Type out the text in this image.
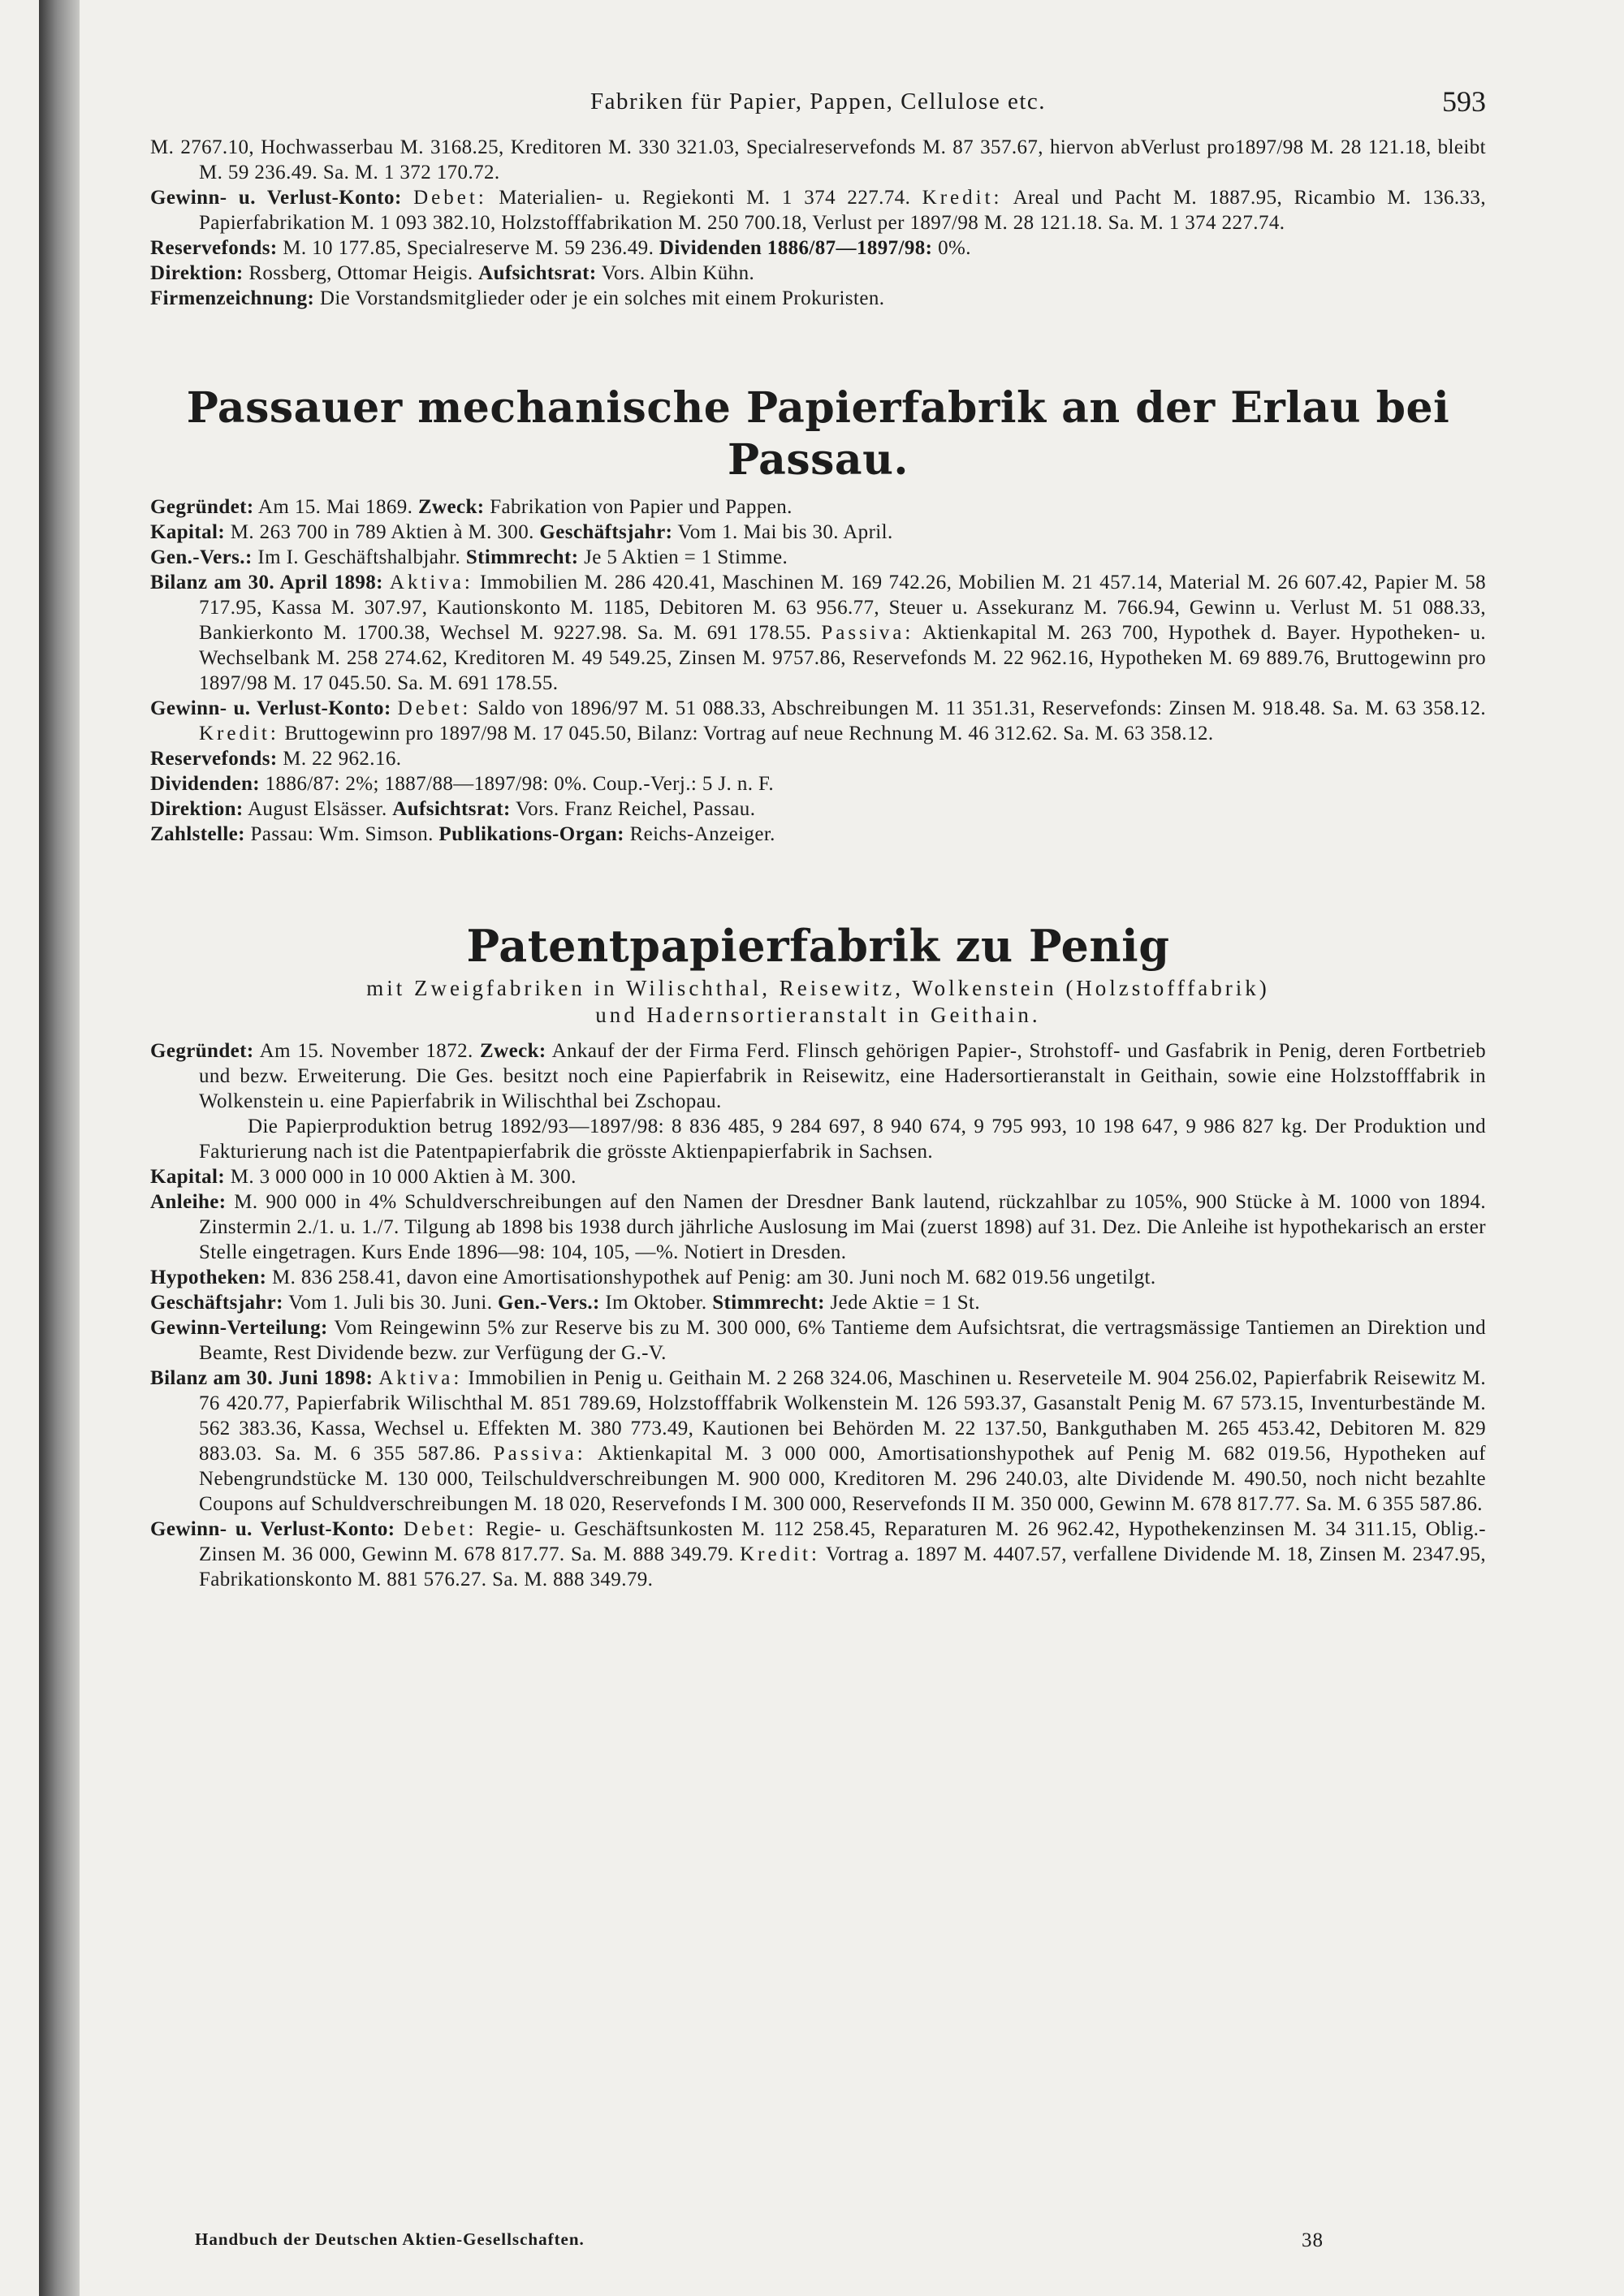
Fabriken für Papier, Pappen, Cellulose etc.	593

M. 2767.10, Hochwasserbau M. 3168.25, Kreditoren M. 330 321.03, Specialreservefonds M. 87 357.67, hiervon abVerlust pro1897/98 M. 28 121.18, bleibt M. 59 236.49. Sa. M. 1 372 170.72.

Gewinn- u. Verlust-Konto: Debet: Materialien- u. Regiekonti M. 1 374 227.74. Kredit: Areal und Pacht M. 1887.95, Ricambio M. 136.33, Papierfabrikation M. 1 093 382.10, Holzstofffabrikation M. 250 700.18, Verlust per 1897/98 M. 28 121.18. Sa. M. 1 374 227.74.

Reservefonds: M. 10 177.85, Specialreserve M. 59 236.49. Dividenden 1886/87—1897/98: 0%.

Direktion: Rossberg, Ottomar Heigis. Aufsichtsrat: Vors. Albin Kühn.

Firmenzeichnung: Die Vorstandsmitglieder oder je ein solches mit einem Prokuristen.

Passauer mechanische Papierfabrik an der Erlau bei Passau.

Gegründet: Am 15. Mai 1869. Zweck: Fabrikation von Papier und Pappen.

Kapital: M. 263 700 in 789 Aktien à M. 300. Geschäftsjahr: Vom 1. Mai bis 30. April.

Gen.-Vers.: Im I. Geschäftshalbjahr. Stimmrecht: Je 5 Aktien = 1 Stimme.

Bilanz am 30. April 1898: Aktiva: Immobilien M. 286 420.41, Maschinen M. 169 742.26, Mobilien M. 21 457.14, Material M. 26 607.42, Papier M. 58 717.95, Kassa M. 307.97, Kautionskonto M. 1185, Debitoren M. 63 956.77, Steuer u. Assekuranz M. 766.94, Gewinn u. Verlust M. 51 088.33, Bankierkonto M. 1700.38, Wechsel M. 9227.98. Sa. M. 691 178.55. Passiva: Aktienkapital M. 263 700, Hypothek d. Bayer. Hypotheken- u. Wechselbank M. 258 274.62, Kreditoren M. 49 549.25, Zinsen M. 9757.86, Reservefonds M. 22 962.16, Hypotheken M. 69 889.76, Bruttogewinn pro 1897/98 M. 17 045.50. Sa. M. 691 178.55.

Gewinn- u. Verlust-Konto: Debet: Saldo von 1896/97 M. 51 088.33, Abschreibungen M. 11 351.31, Reservefonds: Zinsen M. 918.48. Sa. M. 63 358.12. Kredit: Bruttogewinn pro 1897/98 M. 17 045.50, Bilanz: Vortrag auf neue Rechnung M. 46 312.62. Sa. M. 63 358.12.

Reservefonds: M. 22 962.16.

Dividenden: 1886/87: 2%; 1887/88—1897/98: 0%. Coup.-Verj.: 5 J. n. F.

Direktion: August Elsässer. Aufsichtsrat: Vors. Franz Reichel, Passau.

Zahlstelle: Passau: Wm. Simson. Publikations-Organ: Reichs-Anzeiger.

Patentpapierfabrik zu Penig
mit Zweigfabriken in Wilischthal, Reisewitz, Wolkenstein (Holzstofffabrik)
und Hadernsortieranstalt in Geithain.

Gegründet: Am 15. November 1872. Zweck: Ankauf der der Firma Ferd. Flinsch gehörigen Papier-, Strohstoff- und Gasfabrik in Penig, deren Fortbetrieb und bezw. Erweiterung. Die Ges. besitzt noch eine Papierfabrik in Reisewitz, eine Hadersortieranstalt in Geithain, sowie eine Holzstofffabrik in Wolkenstein u. eine Papierfabrik in Wilischthal bei Zschopau.

Die Papierproduktion betrug 1892/93—1897/98: 8 836 485, 9 284 697, 8 940 674, 9 795 993, 10 198 647, 9 986 827 kg. Der Produktion und Fakturierung nach ist die Patentpapierfabrik die grösste Aktienpapierfabrik in Sachsen.

Kapital: M. 3 000 000 in 10 000 Aktien à M. 300.

Anleihe: M. 900 000 in 4% Schuldverschreibungen auf den Namen der Dresdner Bank lautend, rückzahlbar zu 105%, 900 Stücke à M. 1000 von 1894. Zinstermin 2./1. u. 1./7. Tilgung ab 1898 bis 1938 durch jährliche Auslosung im Mai (zuerst 1898) auf 31. Dez. Die Anleihe ist hypothekarisch an erster Stelle eingetragen. Kurs Ende 1896—98: 104, 105, —%. Notiert in Dresden.

Hypotheken: M. 836 258.41, davon eine Amortisationshypothek auf Penig: am 30. Juni noch M. 682 019.56 ungetilgt.

Geschäftsjahr: Vom 1. Juli bis 30. Juni. Gen.-Vers.: Im Oktober. Stimmrecht: Jede Aktie = 1 St.

Gewinn-Verteilung: Vom Reingewinn 5% zur Reserve bis zu M. 300 000, 6% Tantieme dem Aufsichtsrat, die vertragsmässige Tantiemen an Direktion und Beamte, Rest Dividende bezw. zur Verfügung der G.-V.

Bilanz am 30. Juni 1898: Aktiva: Immobilien in Penig u. Geithain M. 2 268 324.06, Maschinen u. Reserveteile M. 904 256.02, Papierfabrik Reisewitz M. 76 420.77, Papierfabrik Wilischthal M. 851 789.69, Holzstofffabrik Wolkenstein M. 126 593.37, Gasanstalt Penig M. 67 573.15, Inventurbestände M. 562 383.36, Kassa, Wechsel u. Effekten M. 380 773.49, Kautionen bei Behörden M. 22 137.50, Bankguthaben M. 265 453.42, Debitoren M. 829 883.03. Sa. M. 6 355 587.86. Passiva: Aktienkapital M. 3 000 000, Amortisationshypothek auf Penig M. 682 019.56, Hypotheken auf Nebengrundstücke M. 130 000, Teilschuldverschreibungen M. 900 000, Kreditoren M. 296 240.03, alte Dividende M. 490.50, noch nicht bezahlte Coupons auf Schuldverschreibungen M. 18 020, Reservefonds I M. 300 000, Reservefonds II M. 350 000, Gewinn M. 678 817.77. Sa. M. 6 355 587.86.

Gewinn- u. Verlust-Konto: Debet: Regie- u. Geschäftsunkosten M. 112 258.45, Reparaturen M. 26 962.42, Hypothekenzinsen M. 34 311.15, Oblig.-Zinsen M. 36 000, Gewinn M. 678 817.77. Sa. M. 888 349.79. Kredit: Vortrag a. 1897 M. 4407.57, verfallene Dividende M. 18, Zinsen M. 2347.95, Fabrikationskonto M. 881 576.27. Sa. M. 888 349.79.

Handbuch der Deutschen Aktien-Gesellschaften.	38
